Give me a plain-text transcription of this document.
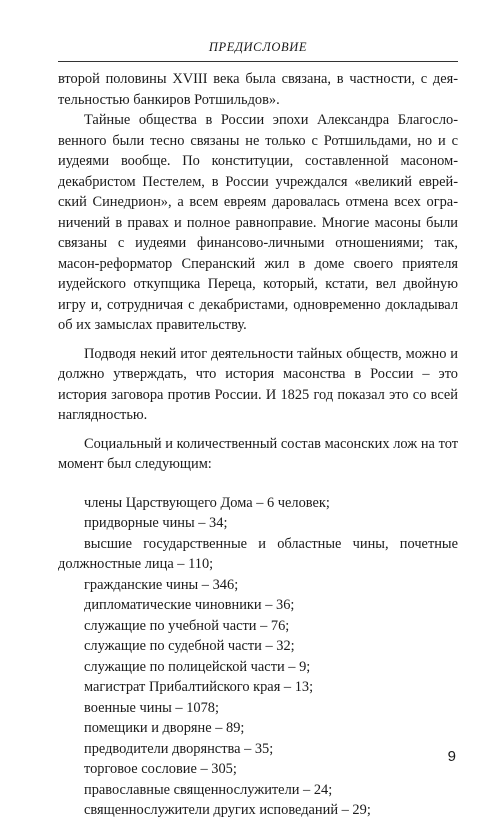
ПРЕДИСЛОВИЕ

второй половины XVIII века была связана, в частности, с деятельностью банкиров Ротшильдов».

Тайные общества в России эпохи Александра Благословенного были тесно связаны не только с Ротшильдами, но и с иудеями вообще. По конституции, составленной масоном-декабристом Пестелем, в России учреждался «великий еврейский Синедрион», а всем евреям даровалась отмена всех ограничений в правах и полное равноправие. Многие масоны были связаны с иудеями финансово-личными отношениями; так, масон-реформатор Сперанский жил в доме своего приятеля иудейского откупщика Переца, который, кстати, вел двойную игру и, сотрудничая с декабристами, одновременно докладывал об их замыслах правительству.

Подводя некий итог деятельности тайных обществ, можно и должно утверждать, что история масонства в России – это история заговора против России. И 1825 год показал это со всей наглядностью.

Социальный и количественный состав масонских лож на тот момент был следующим:

члены Царствующего Дома – 6 человек;
придворные чины – 34;
высшие государственные и областные чины, почетные должностные лица – 110;
гражданские чины – 346;
дипломатические чиновники – 36;
служащие по учебной части – 76;
служащие по судебной части – 32;
служащие по полицейской части – 9;
магистрат Прибалтийского края – 13;
военные чины – 1078;
помещики и дворяне – 89;
предводители дворянства – 35;
торговое сословие – 305;
православные священнослужители – 24;
священнослужители других исповеданий – 29;
9
